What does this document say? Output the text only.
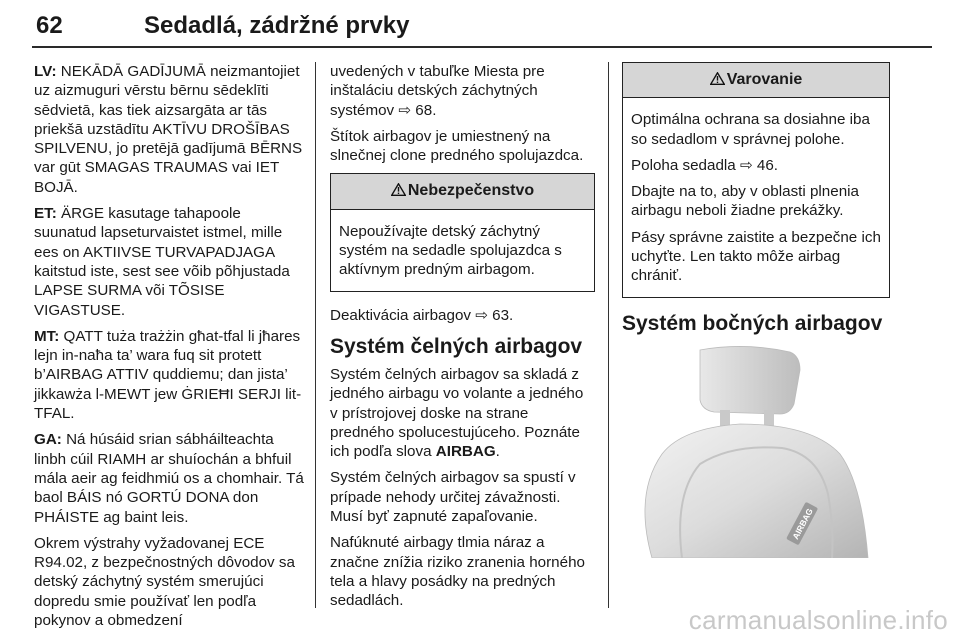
62	Sedadlá, zádržné prvky

LV: NEKĀDĀ GADĪJUMĀ neizmantojiet uz aizmuguri vērstu bērnu sēdeklīti sēdvietā, kas tiek aizsargāta ar tās priekšā uzstādītu AKTĪVU DROŠĪBAS SPILVENU, jo pretējā gadījumā BĒRNS var gūt SMAGAS TRAUMAS vai IET BOJĀ.

ET: ÄRGE kasutage tahapoole suunatud lapseturvaistet istmel, mille ees on AKTIIVSE TURVAPADJAGA kaitstud iste, sest see võib põhjustada LAPSE SURMA või TÕSISE VIGASTUSE.

MT: QATT tuża trażżin għat-tfal li jħares lejn in-naħa ta’ wara fuq sit protett b’AIRBAG ATTIV quddiemu; dan jista’ jikkawża l-MEWT jew ĠRIEĦI SERJI lit-TFAL.

GA: Ná húsáid srian sábháilteachta linbh cúil RIAMH ar shuíochán a bhfuil mála aeir ag feidhmiú os a chomhair. Tá baol BÁIS nó GORTÚ DONA don PHÁISTE ag baint leis.

Okrem výstrahy vyžadovanej ECE R94.02, z bezpečnostných dôvodov sa detský záchytný systém smerujúci dopredu smie používať len podľa pokynov a obmedzení

uvedených v tabuľke Miesta pre inštaláciu detských záchytných systémov ⇨ 68.

Štítok airbagov je umiestnený na slnečnej clone predného spolujazdca.

Nebezpečenstvo

Nepoužívajte detský záchytný systém na sedadle spolujazdca s aktívnym predným airbagom.

Deaktivácia airbagov ⇨ 63.

Systém čelných airbagov

Systém čelných airbagov sa skladá z jedného airbagu vo volante a jedného v prístrojovej doske na strane predného spolucestujúceho. Poznáte ich podľa slova AIRBAG.

Systém čelných airbagov sa spustí v prípade nehody určitej závažnosti. Musí byť zapnuté zapaľovanie.

Nafúknuté airbagy tlmia náraz a značne znížia riziko zranenia horného tela a hlavy posádky na predných sedadlách.

Varovanie

Optimálna ochrana sa dosiahne iba so sedadlom v správnej polohe.

Poloha sedadla ⇨ 46.

Dbajte na to, aby v oblasti plnenia airbagu neboli žiadne prekážky.

Pásy správne zaistite a bezpečne ich uchyťte. Len takto môže airbag chrániť.

Systém bočných airbagov
AIRBAG
carmanualsonline.info
